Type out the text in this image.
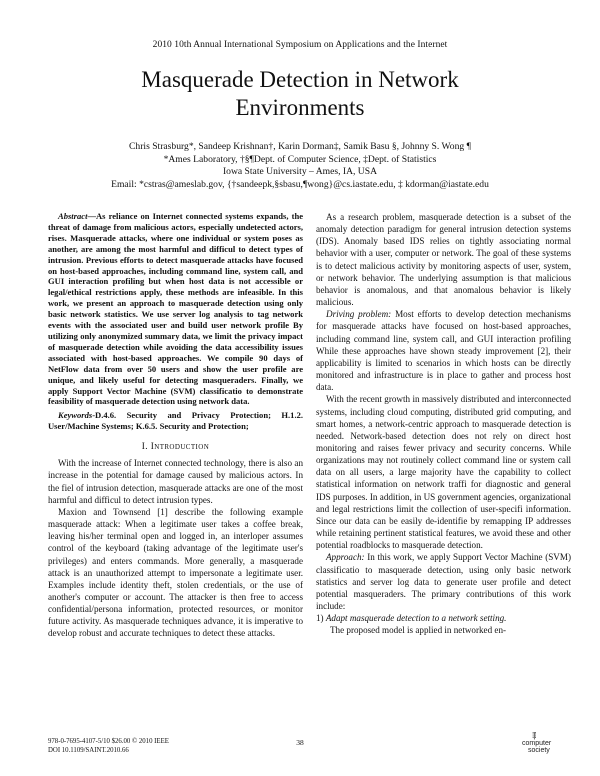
2010 10th Annual International Symposium on Applications and the Internet
Masquerade Detection in Network
Environments
Chris Strasburg*, Sandeep Krishnan†, Karin Dorman‡, Samik Basu §, Johnny S. Wong ¶
*Ames Laboratory, †§¶Dept. of Computer Science, ‡Dept. of Statistics
Iowa State University – Ames, IA, USA
Email: *cstras@ameslab.gov, {†sandeepk,§sbasu,¶wong}@cs.iastate.edu, ‡ kdorman@iastate.edu

Abstract—As reliance on Internet connected systems expands, the threat of damage from malicious actors, especially undetected actors, rises. Masquerade attacks, where one individual or system poses as another, are among the most harmful and difficul to detect types of intrusion. Previous efforts to detect masquerade attacks have focused on host-based approaches, including command line, system call, and GUI interaction profiling but when host data is not accessible or legal/ethical restrictions apply, these methods are infeasible. In this work, we present an approach to masquerade detection using only basic network statistics. We use server log analysis to tag network events with the associated user and build user network profile By utilizing only anonymized summary data, we limit the privacy impact of masquerade detection while avoiding the data accessibility issues associated with host-based approaches. We compile 90 days of NetFlow data from over 50 users and show the user profile are unique, and likely useful for detecting masqueraders. Finally, we apply Support Vector Machine (SVM) classificatio to demonstrate feasibility of masquerade detection using network data.

Keywords-D.4.6. Security and Privacy Protection; H.1.2. User/Machine Systems; K.6.5. Security and Protection;

I. Introduction

With the increase of Internet connected technology, there is also an increase in the potential for damage caused by malicious actors. In the fiel of intrusion detection, masquerade attacks are one of the most harmful and difficul to detect intrusion types.

Maxion and Townsend [1] describe the following example masquerade attack: When a legitimate user takes a coffee break, leaving his/her terminal open and logged in, an interloper assumes control of the keyboard (taking advantage of the legitimate user's privileges) and enters commands. More generally, a masquerade attack is an unauthorized attempt to impersonate a legitimate user. Examples include identity theft, stolen credentials, or the use of another's computer or account. The attacker is then free to access confidential/persona information, protected resources, or monitor future activity. As masquerade techniques advance, it is imperative to develop robust and accurate techniques to detect these attacks.

As a research problem, masquerade detection is a subset of the anomaly detection paradigm for general intrusion detection systems (IDS). Anomaly based IDS relies on tightly associating normal behavior with a user, computer or network. The goal of these systems is to detect malicious activity by monitoring aspects of user, system, or network behavior. The underlying assumption is that malicious behavior is anomalous, and that anomalous behavior is likely malicious.

Driving problem: Most efforts to develop detection mechanisms for masquerade attacks have focused on host-based approaches, including command line, system call, and GUI interaction profiling While these approaches have shown steady improvement [2], their applicability is limited to scenarios in which hosts can be directly monitored and infrastructure is in place to gather and process host data.

With the recent growth in massively distributed and interconnected systems, including cloud computing, distributed grid computing, and smart homes, a network-centric approach to masquerade detection is needed. Network-based detection does not rely on direct host monitoring and raises fewer privacy and security concerns. While organizations may not routinely collect command line or system call data on all users, a large majority have the capability to collect statistical information on network traffi for diagnostic and general IDS purposes. In addition, in US government agencies, organizational and legal restrictions limit the collection of user-specifi information. Since our data can be easily de-identifie by remapping IP addresses while retaining pertinent statistical features, we avoid these and other potential roadblocks to masquerade detection.

Approach: In this work, we apply Support Vector Machine (SVM) classificatio to masquerade detection, using only basic network statistics and server log data to generate user profile and detect potential masqueraders. The primary contributions of this work include:

1) Adapt masquerade detection to a network setting.

The proposed model is applied in networked en-

978-0-7695-4107-5/10 $26.00 © 2010 IEEE
DOI 10.1109/SAINT.2010.66
38
⁞|⁞
computer
society
